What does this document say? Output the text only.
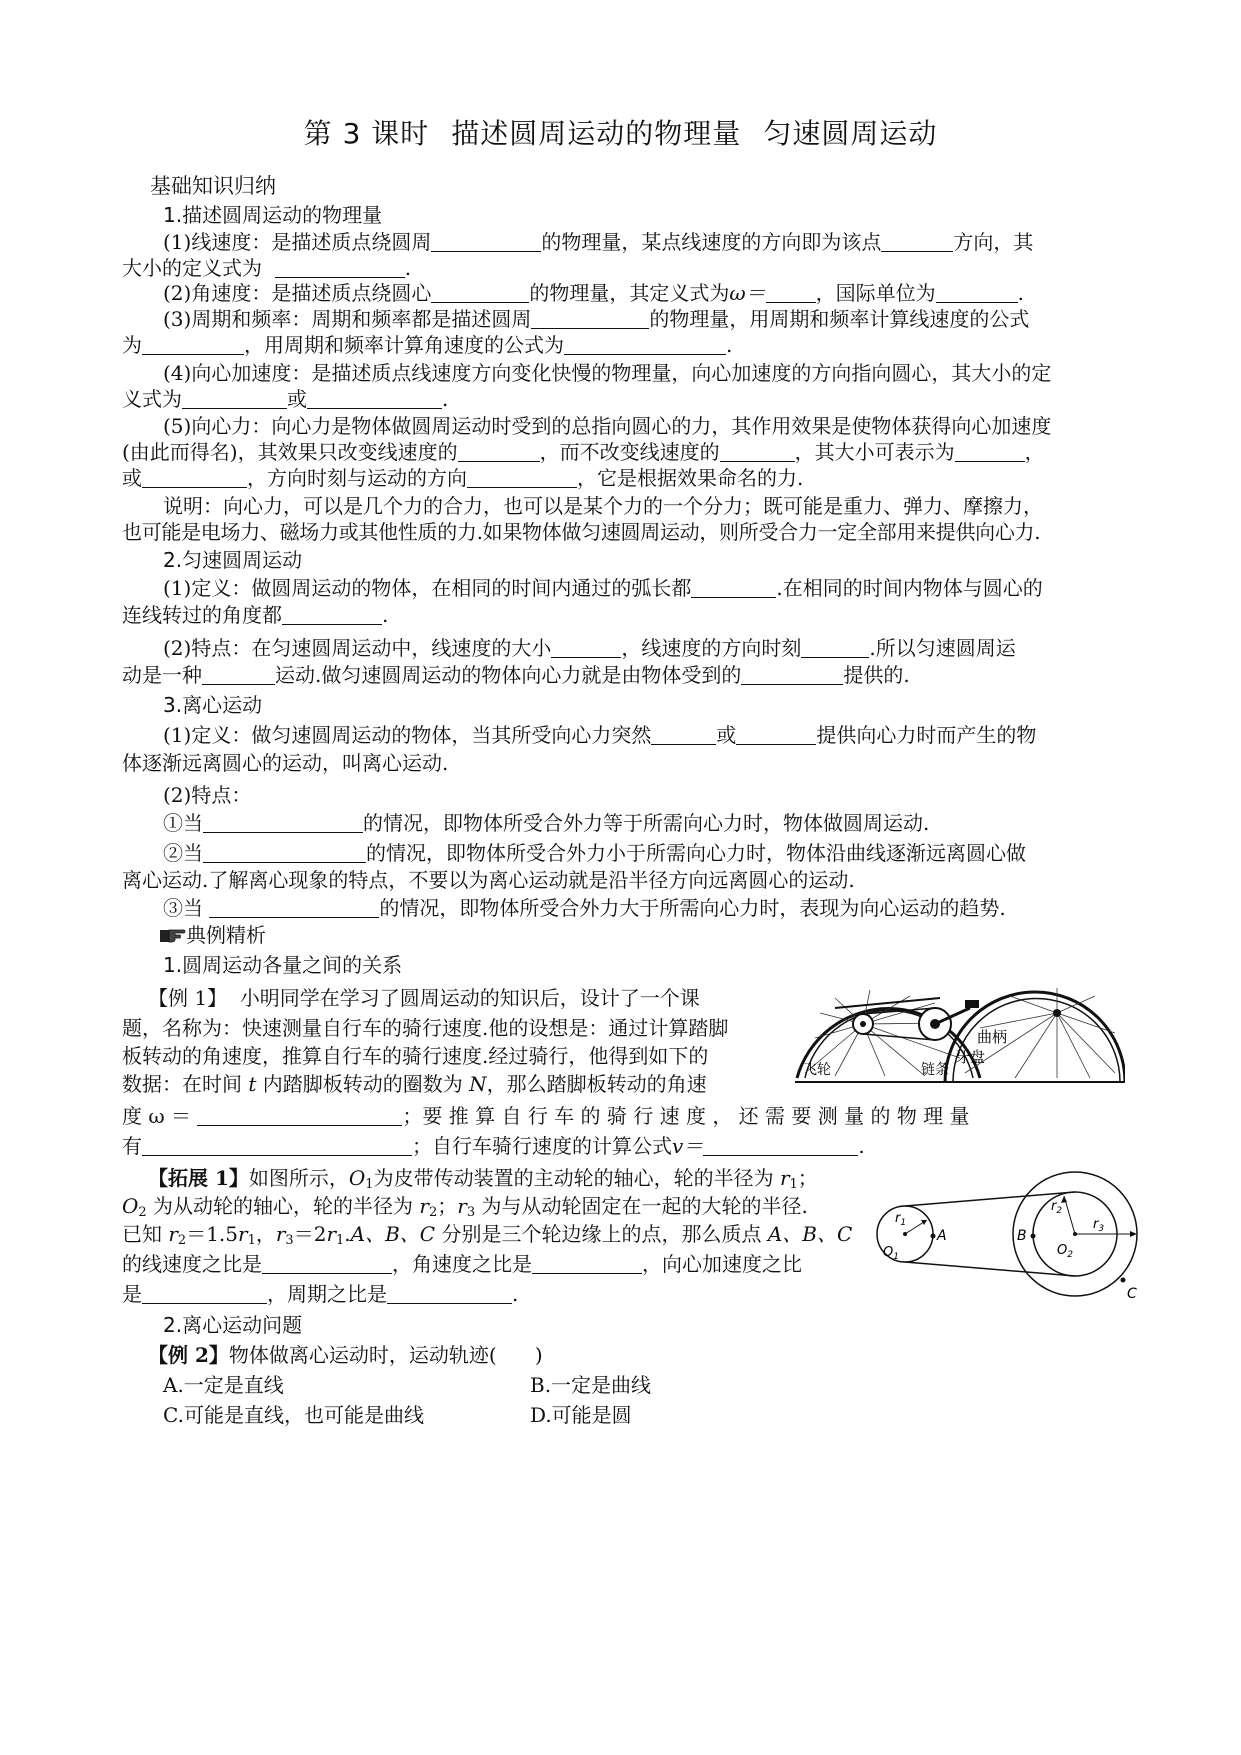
第 3 课时 描述圆周运动的物理量 匀速圆周运动
基础知识归纳
1.描述圆周运动的物理量
(1)线速度：是描述质点绕圆周	的物理量，某点线速度的方向即为该点	方向，其
大小的定义式为	.
(2)角速度：是描述质点绕圆心	的物理量，其定义式为ω＝	，国际单位为	.
(3)周期和频率：周期和频率都是描述圆周	的物理量，用周期和频率计算线速度的公式
为	，用周期和频率计算角速度的公式为	.
(4)向心加速度：是描述质点线速度方向变化快慢的物理量，向心加速度的方向指向圆心，其大小的定
义式为	或	.
(5)向心力：向心力是物体做圆周运动时受到的总指向圆心的力，其作用效果是使物体获得向心加速度
(由此而得名)，其效果只改变线速度的	，而不改变线速度的	，其大小可表示为	，
或	，方向时刻与运动的方向	，它是根据效果命名的力.
说明：向心力，可以是几个力的合力，也可以是某个力的一个分力；既可能是重力、弹力、摩擦力，
也可能是电场力、磁场力或其他性质的力.如果物体做匀速圆周运动，则所受合力一定全部用来提供向心力.
2.匀速圆周运动
(1)定义：做圆周运动的物体，在相同的时间内通过的弧长都	.在相同的时间内物体与圆心的
连线转过的角度都	.
(2)特点：在匀速圆周运动中，线速度的大小	，线速度的方向时刻	.所以匀速圆周运
动是一种	运动.做匀速圆周运动的物体向心力就是由物体受到的	提供的.
3.离心运动
(1)定义：做匀速圆周运动的物体，当其所受向心力突然	或	提供向心力时而产生的物
体逐渐远离圆心的运动，叫离心运动.
(2)特点：
①当	的情况，即物体所受合外力等于所需向心力时，物体做圆周运动.
②当	的情况，即物体所受合外力小于所需向心力时，物体沿曲线逐渐远离圆心做
离心运动.了解离心现象的特点，不要以为离心运动就是沿半径方向远离圆心的运动.
③当	的情况，即物体所受合外力大于所需向心力时，表现为向心运动的趋势.
典例精析
1.圆周运动各量之间的关系
【例 1】 小明同学在学习了圆周运动的知识后，设计了一个课
题，名称为：快速测量自行车的骑行速度.他的设想是：通过计算踏脚
板转动的角速度，推算自行车的骑行速度.经过骑行，他得到如下的
数据：在时间 t 内踏脚板转动的圈数为 N，那么踏脚板转动的角速
度 ω ＝	；要 推 算 自 行 车 的 骑 行 速 度 ， 还 需 要 测 量 的 物 理 量
有	；自行车骑行速度的计算公式v＝	.
曲柄
飞轮	链条
牙盘
【拓展 1】如图所示，$O_1$为皮带传动装置的主动轮的轴心，轮的半径为 $r_1$；
$O_2$ 为从动轮的轴心，轮的半径为 $r_2$；$r_3$ 为与从动轮固定在一起的大轮的半径.
已知 $r_2=1.5r_1$，$r_3=2r_1.A$、B、C 分别是三个轮边缘上的点，那么质点 A、B、C
的线速度之比是	，角速度之比是	，向心加速度之比
是	，周期之比是	.
$r_1$
$O_1$
A	B
$r_2$
$r_3$
$O_2$
C
2.离心运动问题
【例 2】物体做离心运动时，运动轨迹( )
A.一定是直线	B.一定是曲线
C.可能是直线，也可能是曲线	D.可能是圆
